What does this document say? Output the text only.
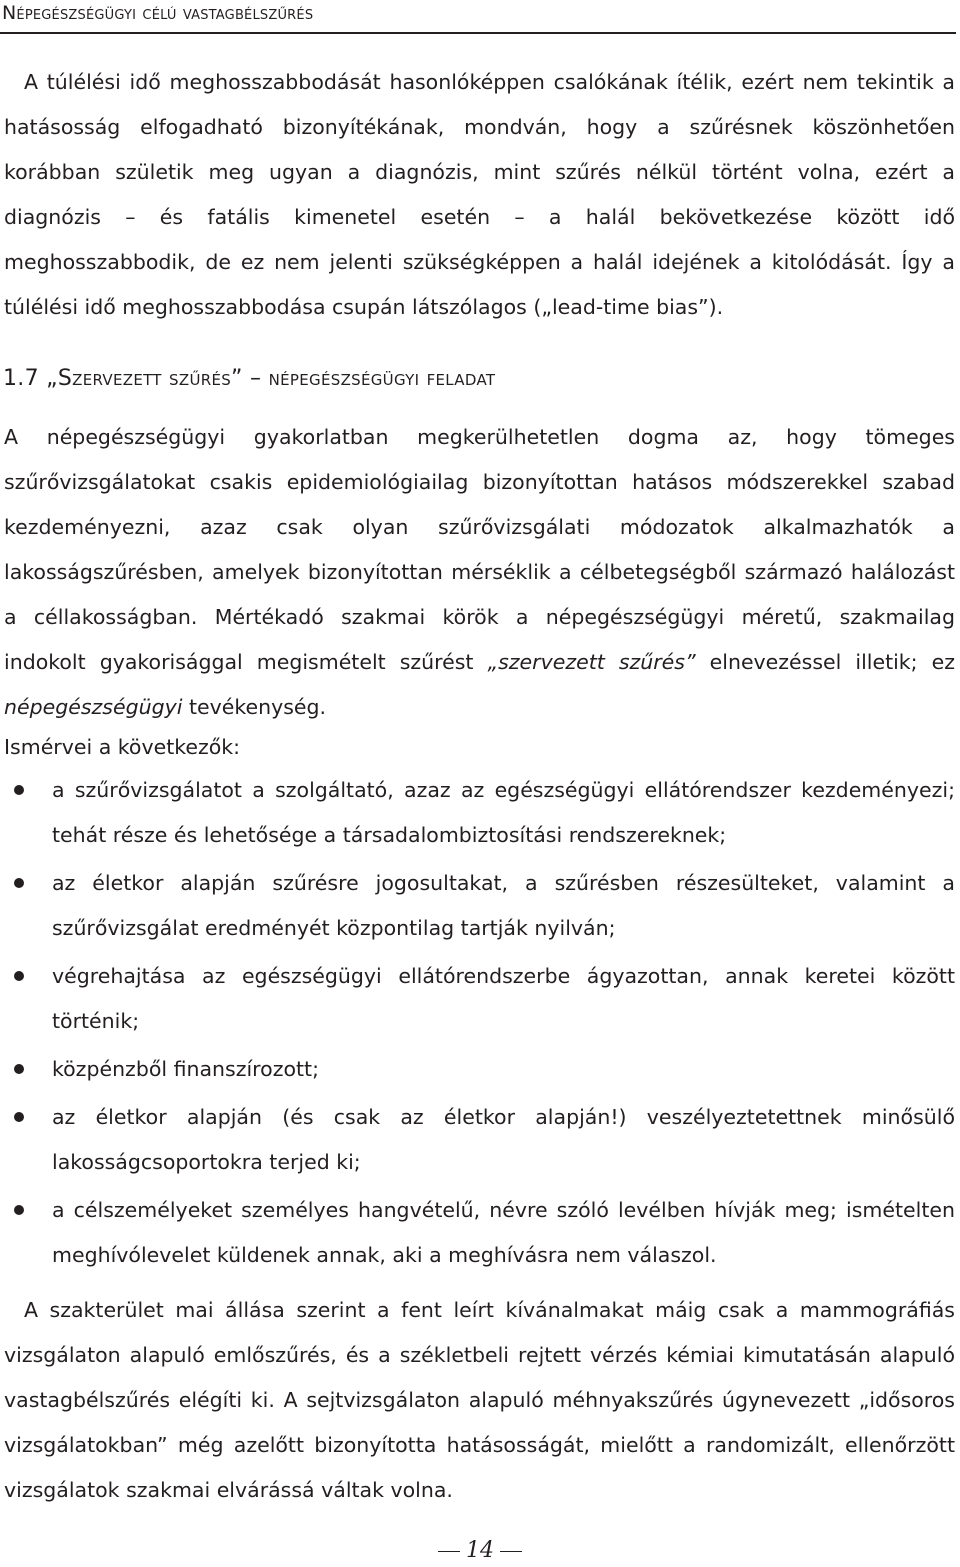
Népegészségügyi célú vastagbélszűrés

A túlélési idő meghosszabbodását hasonlóképpen csalókának ítélik, ezért nem tekintik a hatásosság elfogadható bizonyítékának, mondván, hogy a szűrésnek köszönhetően korábban születik meg ugyan a diagnózis, mint szűrés nélkül történt volna, ezért a diagnózis – és fatális kimenetel esetén – a halál bekövetkezése között idő meghosszabbodik, de ez nem jelenti szükségképpen a halál idejének a kitolódását. Így a túlélési idő meghosszabbodása csupán látszólagos („lead-time bias”).

1.7 „Szervezett szűrés” – népegészségügyi feladat

A népegészségügyi gyakorlatban megkerülhetetlen dogma az, hogy tömeges szűrővizsgálatokat csakis epidemiológiailag bizonyítottan hatásos módszerekkel szabad kezdeményezni, azaz csak olyan szűrővizsgálati módozatok alkalmazhatók a lakosságszűrésben, amelyek bizonyítottan mérséklik a célbetegségből származó halálozást a céllakosságban. Mértékadó szakmai körök a népegészségügyi méretű, szakmailag indokolt gyakorisággal megismételt szűrést „szervezett szűrés” elnevezéssel illetik; ez népegészségügyi tevékenység.

Ismérvei a következők:

a szűrővizsgálatot a szolgáltató, azaz az egészségügyi ellátórendszer kezdeményezi; tehát része és lehetősége a társadalombiztosítási rendszereknek;
az életkor alapján szűrésre jogosultakat, a szűrésben részesülteket, valamint a szűrővizsgálat eredményét központilag tartják nyilván;
végrehajtása az egészségügyi ellátórendszerbe ágyazottan, annak keretei között történik;
közpénzből finanszírozott;
az életkor alapján (és csak az életkor alapján!) veszélyeztetettnek minősülő lakosságcsoportokra terjed ki;
a célszemélyeket személyes hangvételű, névre szóló levélben hívják meg; ismételten meghívólevelet küldenek annak, aki a meghívásra nem válaszol.

A szakterület mai állása szerint a fent leírt kívánalmakat máig csak a mammográfiás vizsgálaton alapuló emlőszűrés, és a székletbeli rejtett vérzés kémiai kimutatásán alapuló vastagbélszűrés elégíti ki. A sejtvizsgálaton alapuló méhnyakszűrés úgynevezett „idősoros vizsgálatokban” még azelőtt bizonyította hatásosságát, mielőtt a randomizált, ellenőrzött vizsgálatok szakmai elvárássá váltak volna.

14
